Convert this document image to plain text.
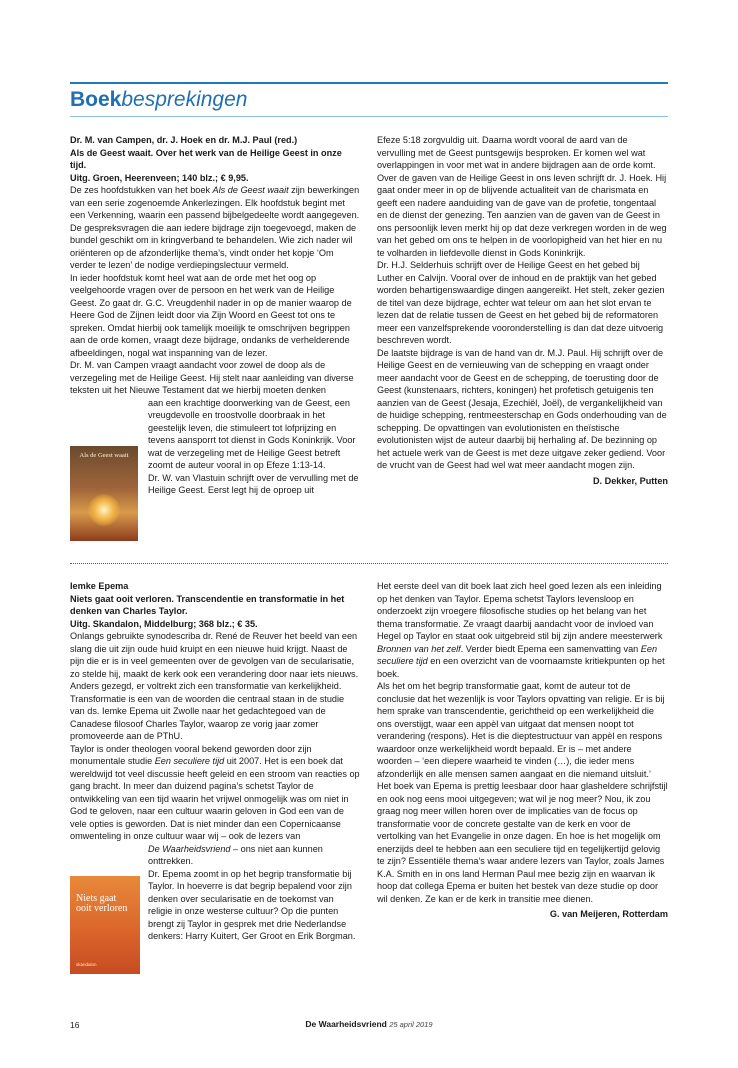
Boekbesprekingen

Dr. M. van Campen, dr. J. Hoek en dr. M.J. Paul (red.)

Als de Geest waait. Over het werk van de Heilige Geest in onze tijd.

Uitg. Groen, Heerenveen; 140 blz.; € 9,95.

De zes hoofdstukken van het boek Als de Geest waait zijn bewerkingen van een serie zogenoemde Ankerlezingen. Elk hoofdstuk begint met een Verkenning, waarin een passend bijbelgedeelte wordt aangegeven. De gespreksvragen die aan iedere bijdrage zijn toegevoegd, maken de bundel geschikt om in kringverband te behandelen. Wie zich nader wil oriënteren op de afzonderlijke thema’s, vindt onder het kopje ‘Om verder te lezen’ de nodige verdiepingslectuur vermeld.

In ieder hoofdstuk komt heel wat aan de orde met het oog op veelgehoorde vragen over de persoon en het werk van de Heilige Geest. Zo gaat dr. G.C. Vreugdenhil nader in op de manier waarop de Heere God de Zijnen leidt door via Zijn Woord en Geest tot ons te spreken. Omdat hierbij ook tamelijk moeilijk te omschrijven begrippen aan de orde komen, vraagt deze bijdrage, ondanks de verhelderende afbeeldingen, nogal wat inspanning van de lezer.

Dr. M. van Campen vraagt aandacht voor zowel de doop als de verzegeling met de Heilige Geest. Hij stelt naar aanleiding van diverse teksten uit het Nieuwe Testament dat we hierbij moeten denken

aan een krachtige doorwerking van de Geest, een vreugdevolle en troostvolle doorbraak in het geestelijk leven, die stimuleert tot lofprijzing en tevens aansporrt tot dienst in Gods Koninkrijk. Voor wat de verzegeling met de Heilige Geest betreft zoomt de auteur vooral in op Efeze 1:13-14.

Dr. W. van Vlastuin schrijft over de vervulling met de Heilige Geest. Eerst legt hij de oproep uit

Als de Geest waait

Efeze 5:18 zorgvuldig uit. Daarna wordt vooral de aard van de vervulling met de Geest puntsgewijs besproken. Er komen wel wat overlappingen in voor met wat in andere bijdragen aan de orde komt. Over de gaven van de Heilige Geest in ons leven schrijft dr. J. Hoek. Hij gaat onder meer in op de blijvende actualiteit van de charismata en geeft een nadere aanduiding van de gave van de profetie, tongentaal en de dienst der genezing. Ten aanzien van de gaven van de Geest in ons persoonlijk leven merkt hij op dat deze verkregen worden in de weg van het gebed om ons te helpen in de voorlopigheid van het hier en nu te volharden in liefdevolle dienst in Gods Koninkrijk.

Dr. H.J. Selderhuis schrijft over de Heilige Geest en het gebed bij Luther en Calvijn. Vooral over de inhoud en de praktijk van het gebed worden behartigenswaardige dingen aangereikt. Het stelt, zeker gezien de titel van deze bijdrage, echter wat teleur om aan het slot ervan te lezen dat de relatie tussen de Geest en het gebed bij de reformatoren meer een vanzelfsprekende vooronderstelling is dan dat deze uitvoerig beschreven wordt.

De laatste bijdrage is van de hand van dr. M.J. Paul. Hij schrijft over de Heilige Geest en de vernieuwing van de schepping en vraagt onder meer aandacht voor de Geest en de schepping, de toerusting door de Geest (kunstenaars, richters, koningen) het profetisch getuigenis ten aanzien van de Geest (Jesaja, Ezechiël, Joël), de vergankelijkheid van de huidige schepping, rentmeesterschap en Gods onderhouding van de schepping. De opvattingen van evolutionisten en theïstische evolutionisten wijst de auteur daarbij bij herhaling af. De bezinning op het actuele werk van de Geest is met deze uitgave zeker gediend. Voor de vrucht van de Geest had wel wat meer aandacht mogen zijn.

D. Dekker, Putten

Iemke Epema

Niets gaat ooit verloren. Transcendentie en transformatie in het denken van Charles Taylor.

Uitg. Skandalon, Middelburg; 368 blz.; € 35.

Onlangs gebruikte synodescriba dr. René de Reuver het beeld van een slang die uit zijn oude huid kruipt en een nieuwe huid krijgt. Naast de pijn die er is in veel gemeenten over de gevolgen van de secularisatie, zo stelde hij, maakt de kerk ook een verandering door naar iets nieuws. Anders gezegd, er voltrekt zich een transformatie van kerkelijkheid. Transformatie is een van de woorden die centraal staan in de studie van ds. Iemke Epema uit Zwolle naar het gedachtegoed van de Canadese filosoof Charles Taylor, waarop ze vorig jaar zomer promoveerde aan de PThU.

Taylor is onder theologen vooral bekend geworden door zijn monumentale studie Een seculiere tijd uit 2007. Het is een boek dat wereldwijd tot veel discussie heeft geleid en een stroom van reacties op gang bracht. In meer dan duizend pagina’s schetst Taylor de ontwikkeling van een tijd waarin het vrijwel onmogelijk was om niet in God te geloven, naar een cultuur waarin geloven in God een van de vele opties is geworden. Dat is niet minder dan een Copernicaanse omwenteling in onze cultuur waar wij – ook de lezers van

De Waarheidsvriend – ons niet aan kunnen onttrekken.

Dr. Epema zoomt in op het begrip transformatie bij Taylor. In hoeverre is dat begrip bepalend voor zijn denken over secularisatie en de toekomst van religie in onze westerse cultuur? Op die punten brengt zij Taylor in gesprek met drie Nederlandse denkers: Harry Kuitert, Ger Groot en Erik Borgman.

Niets gaat ooit verloren
skandalon

Het eerste deel van dit boek laat zich heel goed lezen als een inleiding op het denken van Taylor. Epema schetst Taylors levensloop en onderzoekt zijn vroegere filosofische studies op het belang van het thema transformatie. Ze vraagt daarbij aandacht voor de invloed van Hegel op Taylor en staat ook uitgebreid stil bij zijn andere meesterwerk Bronnen van het zelf. Verder biedt Epema een samenvatting van Een seculiere tijd en een overzicht van de voornaamste kritiekpunten op het boek.

Als het om het begrip transformatie gaat, komt de auteur tot de conclusie dat het wezenlijk is voor Taylors opvatting van religie. Er is bij hem sprake van transcendentie, gerichtheid op een werkelijkheid die ons overstijgt, waar een appèl van uitgaat dat mensen noopt tot verandering (respons). Het is die dieptestructuur van appèl en respons waardoor onze werkelijkheid wordt bepaald. Er is – met andere woorden – ‘een diepere waarheid te vinden (…), die ieder mens afzonderlijk en alle mensen samen aangaat en die niemand uitsluit.’

Het boek van Epema is prettig leesbaar door haar glasheldere schrijfstijl en ook nog eens mooi uitgegeven; wat wil je nog meer? Nou, ik zou graag nog meer willen horen over de implicaties van de focus op transformatie voor de concrete gestalte van de kerk en voor de vertolking van het Evangelie in onze dagen. En hoe is het mogelijk om enerzijds deel te hebben aan een seculiere tijd en tegelijkertijd gelovig te zijn? Essentiële thema’s waar andere lezers van Taylor, zoals James K.A. Smith en in ons land Herman Paul mee bezig zijn en waarvan ik hoop dat collega Epema er buiten het bestek van deze studie op door wil denken. Ze kan er de kerk in transitie mee dienen.

G. van Meijeren, Rotterdam

16	De Waarheidsvriend 25 april 2019
